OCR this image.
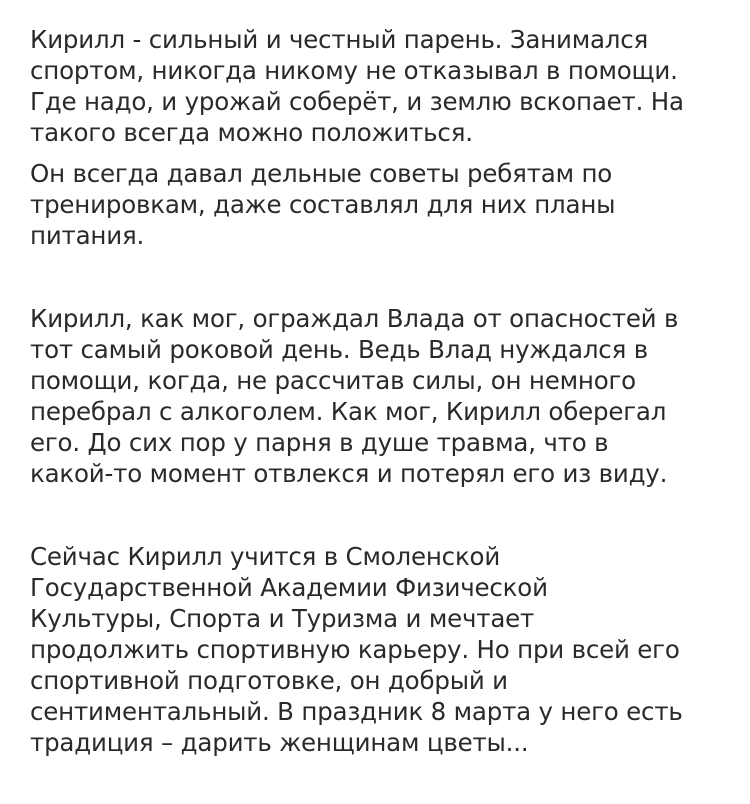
Кирилл - сильный и честный парень. Занимался

спортом, никогда никому не отказывал в помощи.

Где надо, и урожай соберёт, и землю вскопает. На

такого всегда можно положиться.

Он всегда давал дельные советы ребятам по

тренировкам, даже составлял для них планы

питания.

Кирилл, как мог, ограждал Влада от опасностей в

тот самый роковой день. Ведь Влад нуждался в

помощи, когда, не рассчитав силы, он немного

перебрал с алкоголем. Как мог, Кирилл оберегал

его. До сих пор у парня в душе травма, что в

какой-то момент отвлекся и потерял его из виду.

Сейчас Кирилл учится в Смоленской

Государственной Академии Физической

Культуры, Спорта и Туризма и мечтает

продолжить спортивную карьеру. Но при всей его

спортивной подготовке, он добрый и

сентиментальный. В праздник 8 марта у него есть

традиция – дарить женщинам цветы...
